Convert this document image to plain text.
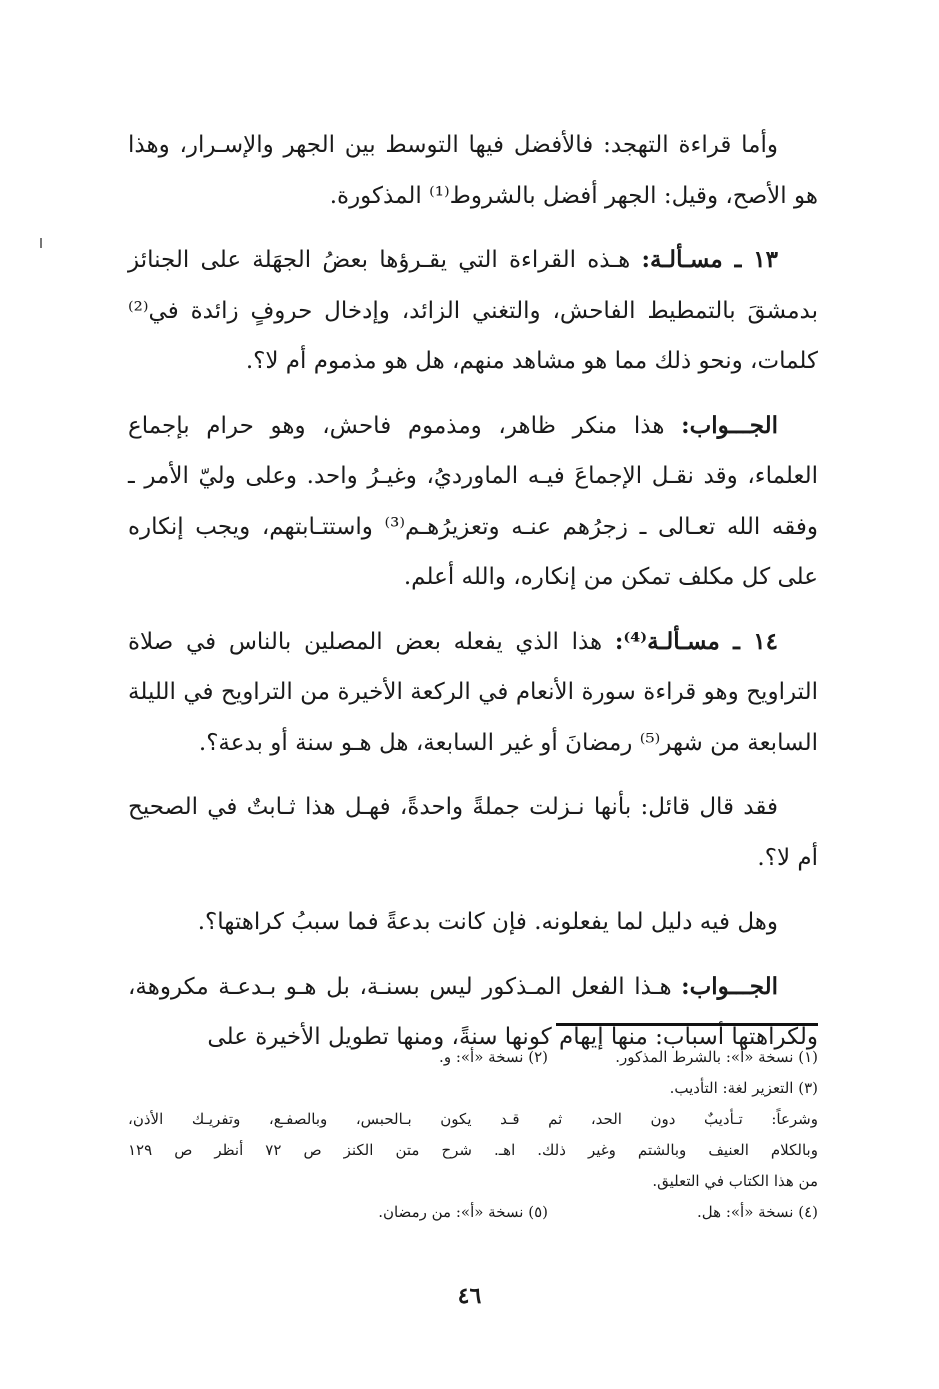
وأما قراءة التهجد: فالأفضل فيها التوسط بين الجهر والإسـرار، وهذا هو الأصح، وقيل: الجهر أفضل بالشروط⁽¹⁾ المذكورة.

١٣ ـ مسـألـة: هـذه القراءة التي يقـرؤها بعضُ الجهَلة على الجنائز بدمشقَ بالتمطيط الفاحش، والتغني الزائد، وإدخال حروفٍ زائدة في⁽²⁾ كلمات، ونحو ذلك مما هو مشاهد منهم، هل هو مذموم أم لا؟.

الجـــواب: هذا منكر ظاهر، ومذموم فاحش، وهو حرام بإجماع العلماء، وقد نقـل الإجماعَ فيـه الماورديُ، وغيـرُ واحد. وعلى وليّ الأمر ـ وفقه الله تعـالى ـ زجرُهم عنـه وتعزيرُهـم⁽³⁾ واستتـابتهم، ويجب إنكاره على كل مكلف تمكن من إنكاره، والله أعلم.

١٤ ـ مسـألـة⁽⁴⁾: هذا الذي يفعله بعض المصلين بالناس في صلاة التراويح وهو قراءة سورة الأنعام في الركعة الأخيرة من التراويح في الليلة السابعة من شهر⁽⁵⁾ رمضانَ أو غير السابعة، هل هـو سنة أو بدعة؟.

فقد قال قائل: بأنها نـزلت جملةً واحدةً، فهـل هذا ثـابتٌ في الصحيح أم لا؟.

وهل فيه دليل لما يفعلونه. فإن كانت بدعةً فما سببُ كراهتها؟.

الجـــواب: هـذا الفعل المـذكور ليس بسنـة، بل هـو بـدعـة مكروهة، ولكراهتها أسباب: منها إيهام كونها سنةً، ومنها تطويل الأخيرة على

(١) نسخة «أ»: بالشرط المذكور.
(٢) نسخة «أ»: و.
(٣) التعزير لغة: التأديب.
وشرعاً: تـأديبٌ دون الحد، ثم قـد يكون بـالحبس، وبالصفـع، وتفريـك الأذن،
وبالكلام العنيف وبالشتم وغير ذلك. اهـ. شرح متن الكنز ص ٧٢ أنظر ص ١٢٩
من هذا الكتاب في التعليق.
(٤) نسخة «أ»: هل.
(٥) نسخة «أ»: من رمضان.
٤٦
